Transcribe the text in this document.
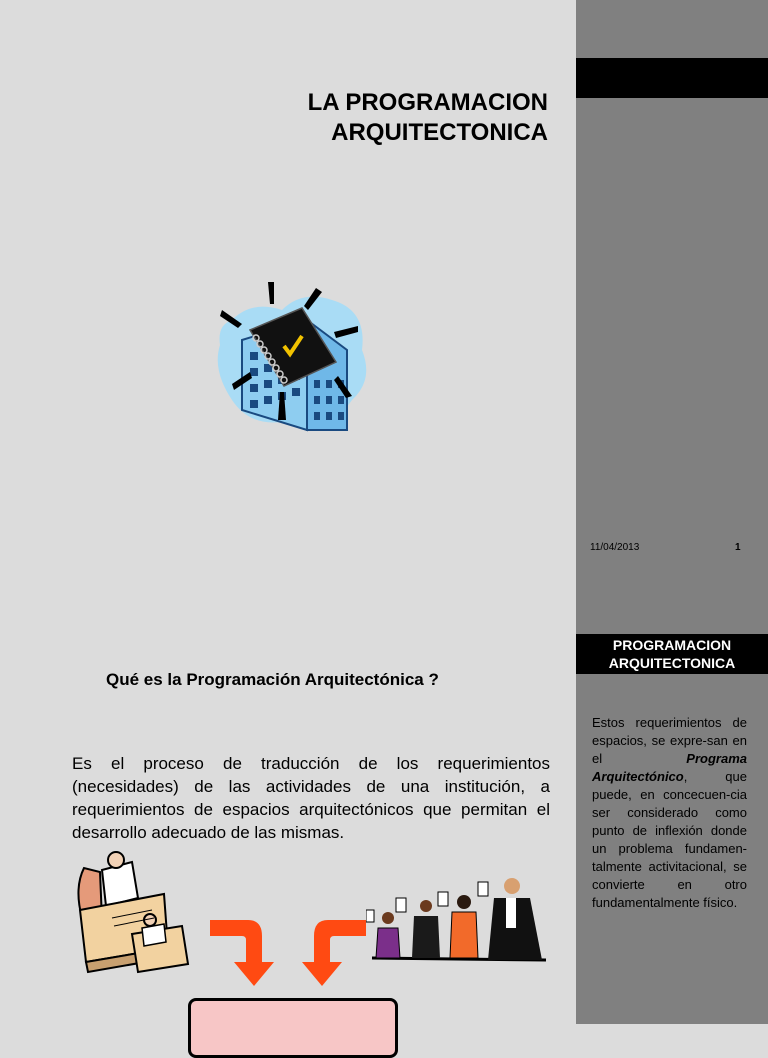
LA PROGRAMACION
ARQUITECTONICA
Qué es la Programación Arquitectónica ?
Es el proceso de traducción de los requerimientos (necesidades) de las actividades de una institución, a requerimientos de espacios arquitectónicos que permitan el desarrollo adecuado de las mismas.
11/04/2013	1
PROGRAMACION
ARQUITECTONICA
Estos requerimientos de espacios, se expre-san en el Programa Arquitectónico, que puede, en concecuen-cia ser considerado como punto de inflexión donde un problema fundamen-talmente activitacional, se convierte en otro fundamentalmente físico.
